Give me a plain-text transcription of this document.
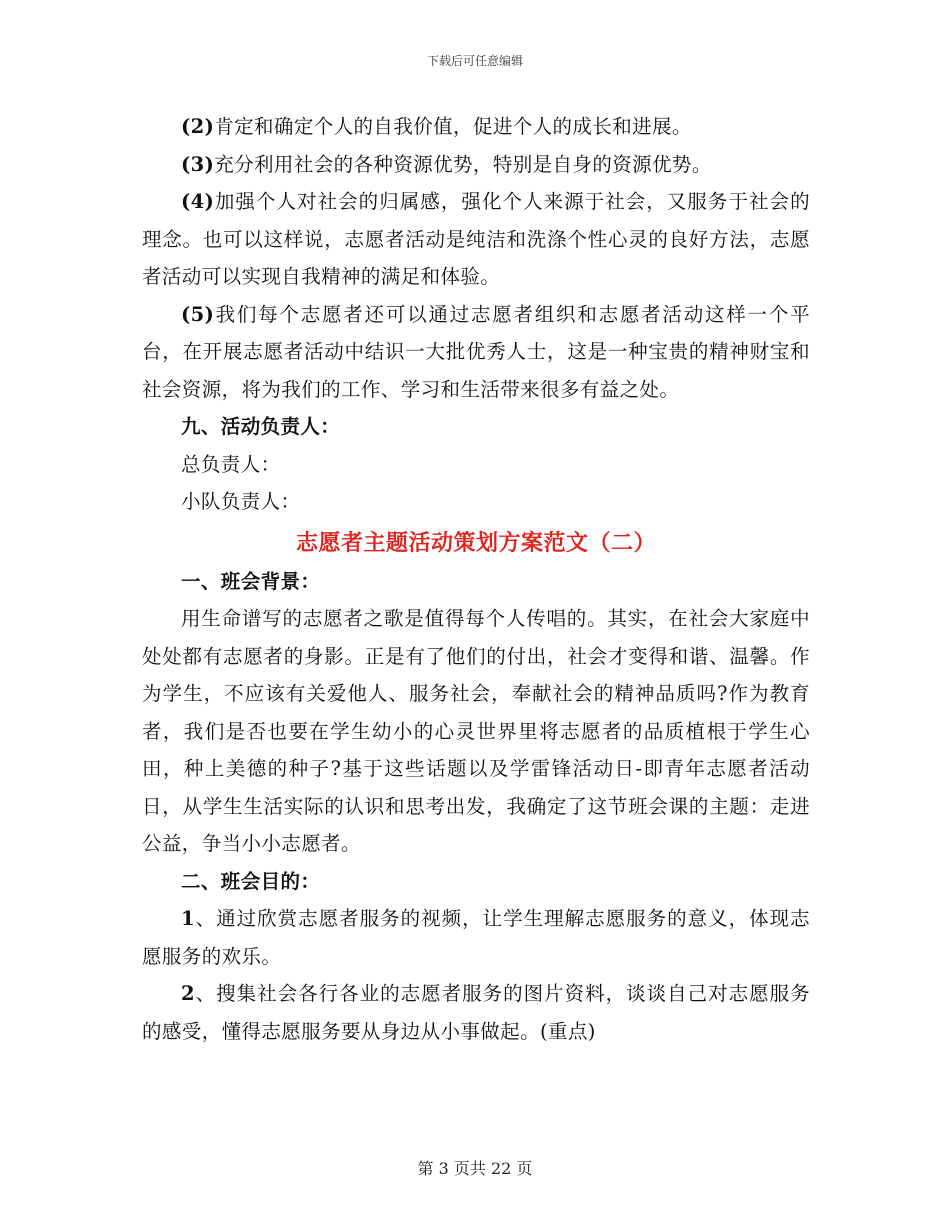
下载后可任意编辑

(2)肯定和确定个人的自我价值，促进个人的成长和进展。

(3)充分利用社会的各种资源优势，特别是自身的资源优势。

(4)加强个人对社会的归属感，强化个人来源于社会，又服务于社会的理念。也可以这样说，志愿者活动是纯洁和洗涤个性心灵的良好方法，志愿者活动可以实现自我精神的满足和体验。

(5)我们每个志愿者还可以通过志愿者组织和志愿者活动这样一个平台，在开展志愿者活动中结识一大批优秀人士，这是一种宝贵的精神财宝和社会资源，将为我们的工作、学习和生活带来很多有益之处。

九、活动负责人：

总负责人：

小队负责人：

志愿者主题活动策划方案范文（二）

一、班会背景：

用生命谱写的志愿者之歌是值得每个人传唱的。其实，在社会大家庭中处处都有志愿者的身影。正是有了他们的付出，社会才变得和谐、温馨。作为学生，不应该有关爱他人、服务社会，奉献社会的精神品质吗?作为教育者，我们是否也要在学生幼小的心灵世界里将志愿者的品质植根于学生心田，种上美德的种子?基于这些话题以及学雷锋活动日-即青年志愿者活动日，从学生生活实际的认识和思考出发，我确定了这节班会课的主题：走进公益，争当小小志愿者。

二、班会目的：

1、通过欣赏志愿者服务的视频，让学生理解志愿服务的意义，体现志愿服务的欢乐。

2、搜集社会各行各业的志愿者服务的图片资料，谈谈自己对志愿服务的感受，懂得志愿服务要从身边从小事做起。(重点)

第 3 页共 22 页
